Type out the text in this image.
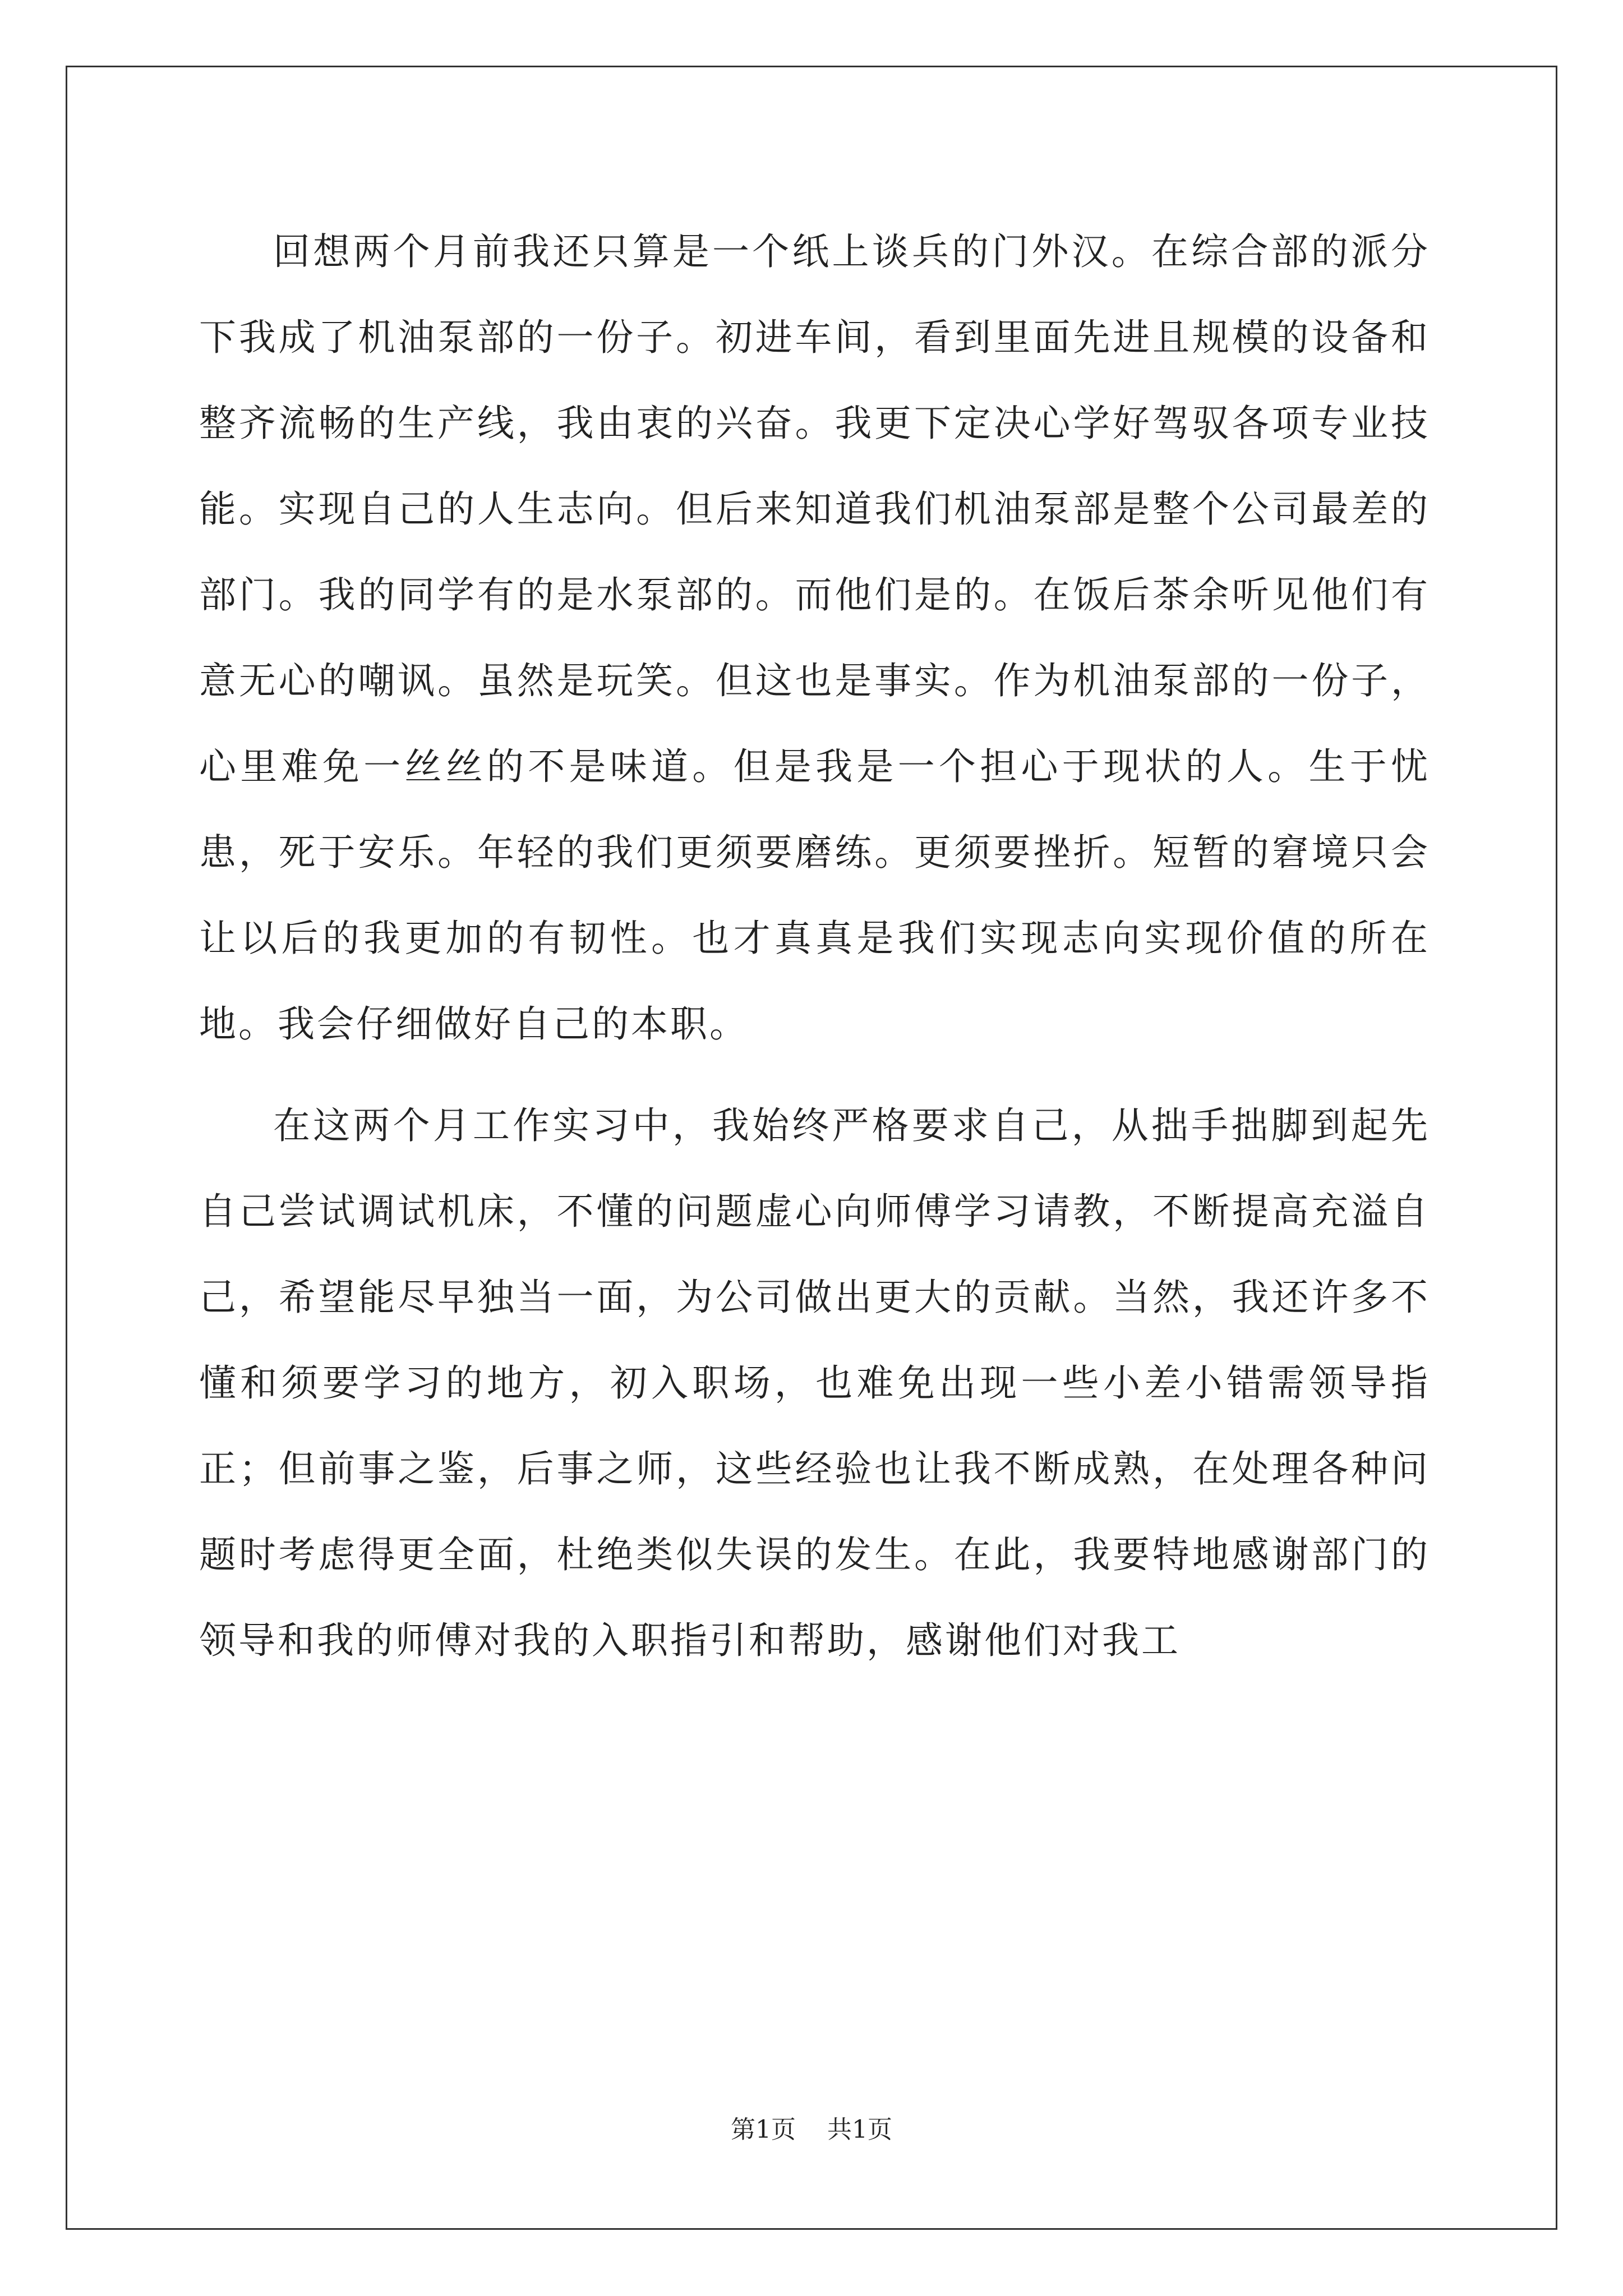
回想两个月前我还只算是一个纸上谈兵的门外汉。在综合部的派分下我成了机油泵部的一份子。初进车间，看到里面先进且规模的设备和整齐流畅的生产线，我由衷的兴奋。我更下定决心学好驾驭各项专业技能。实现自己的人生志向。但后来知道我们机油泵部是整个公司最差的部门。我的同学有的是水泵部的。而他们是的。在饭后茶余听见他们有意无心的嘲讽。虽然是玩笑。但这也是事实。作为机油泵部的一份子，心里难免一丝丝的不是味道。但是我是一个担心于现状的人。生于忧患，死于安乐。年轻的我们更须要磨练。更须要挫折。短暂的窘境只会让以后的我更加的有韧性。也才真真是我们实现志向实现价值的所在地。我会仔细做好自己的本职。

在这两个月工作实习中，我始终严格要求自己，从拙手拙脚到起先自己尝试调试机床，不懂的问题虚心向师傅学习请教，不断提高充溢自己，希望能尽早独当一面，为公司做出更大的贡献。当然，我还许多不懂和须要学习的地方，初入职场，也难免出现一些小差小错需领导指正；但前事之鉴，后事之师，这些经验也让我不断成熟，在处理各种问题时考虑得更全面，杜绝类似失误的发生。在此，我要特地感谢部门的领导和我的师傅对我的入职指引和帮助，感谢他们对我工

第1页 共1页
